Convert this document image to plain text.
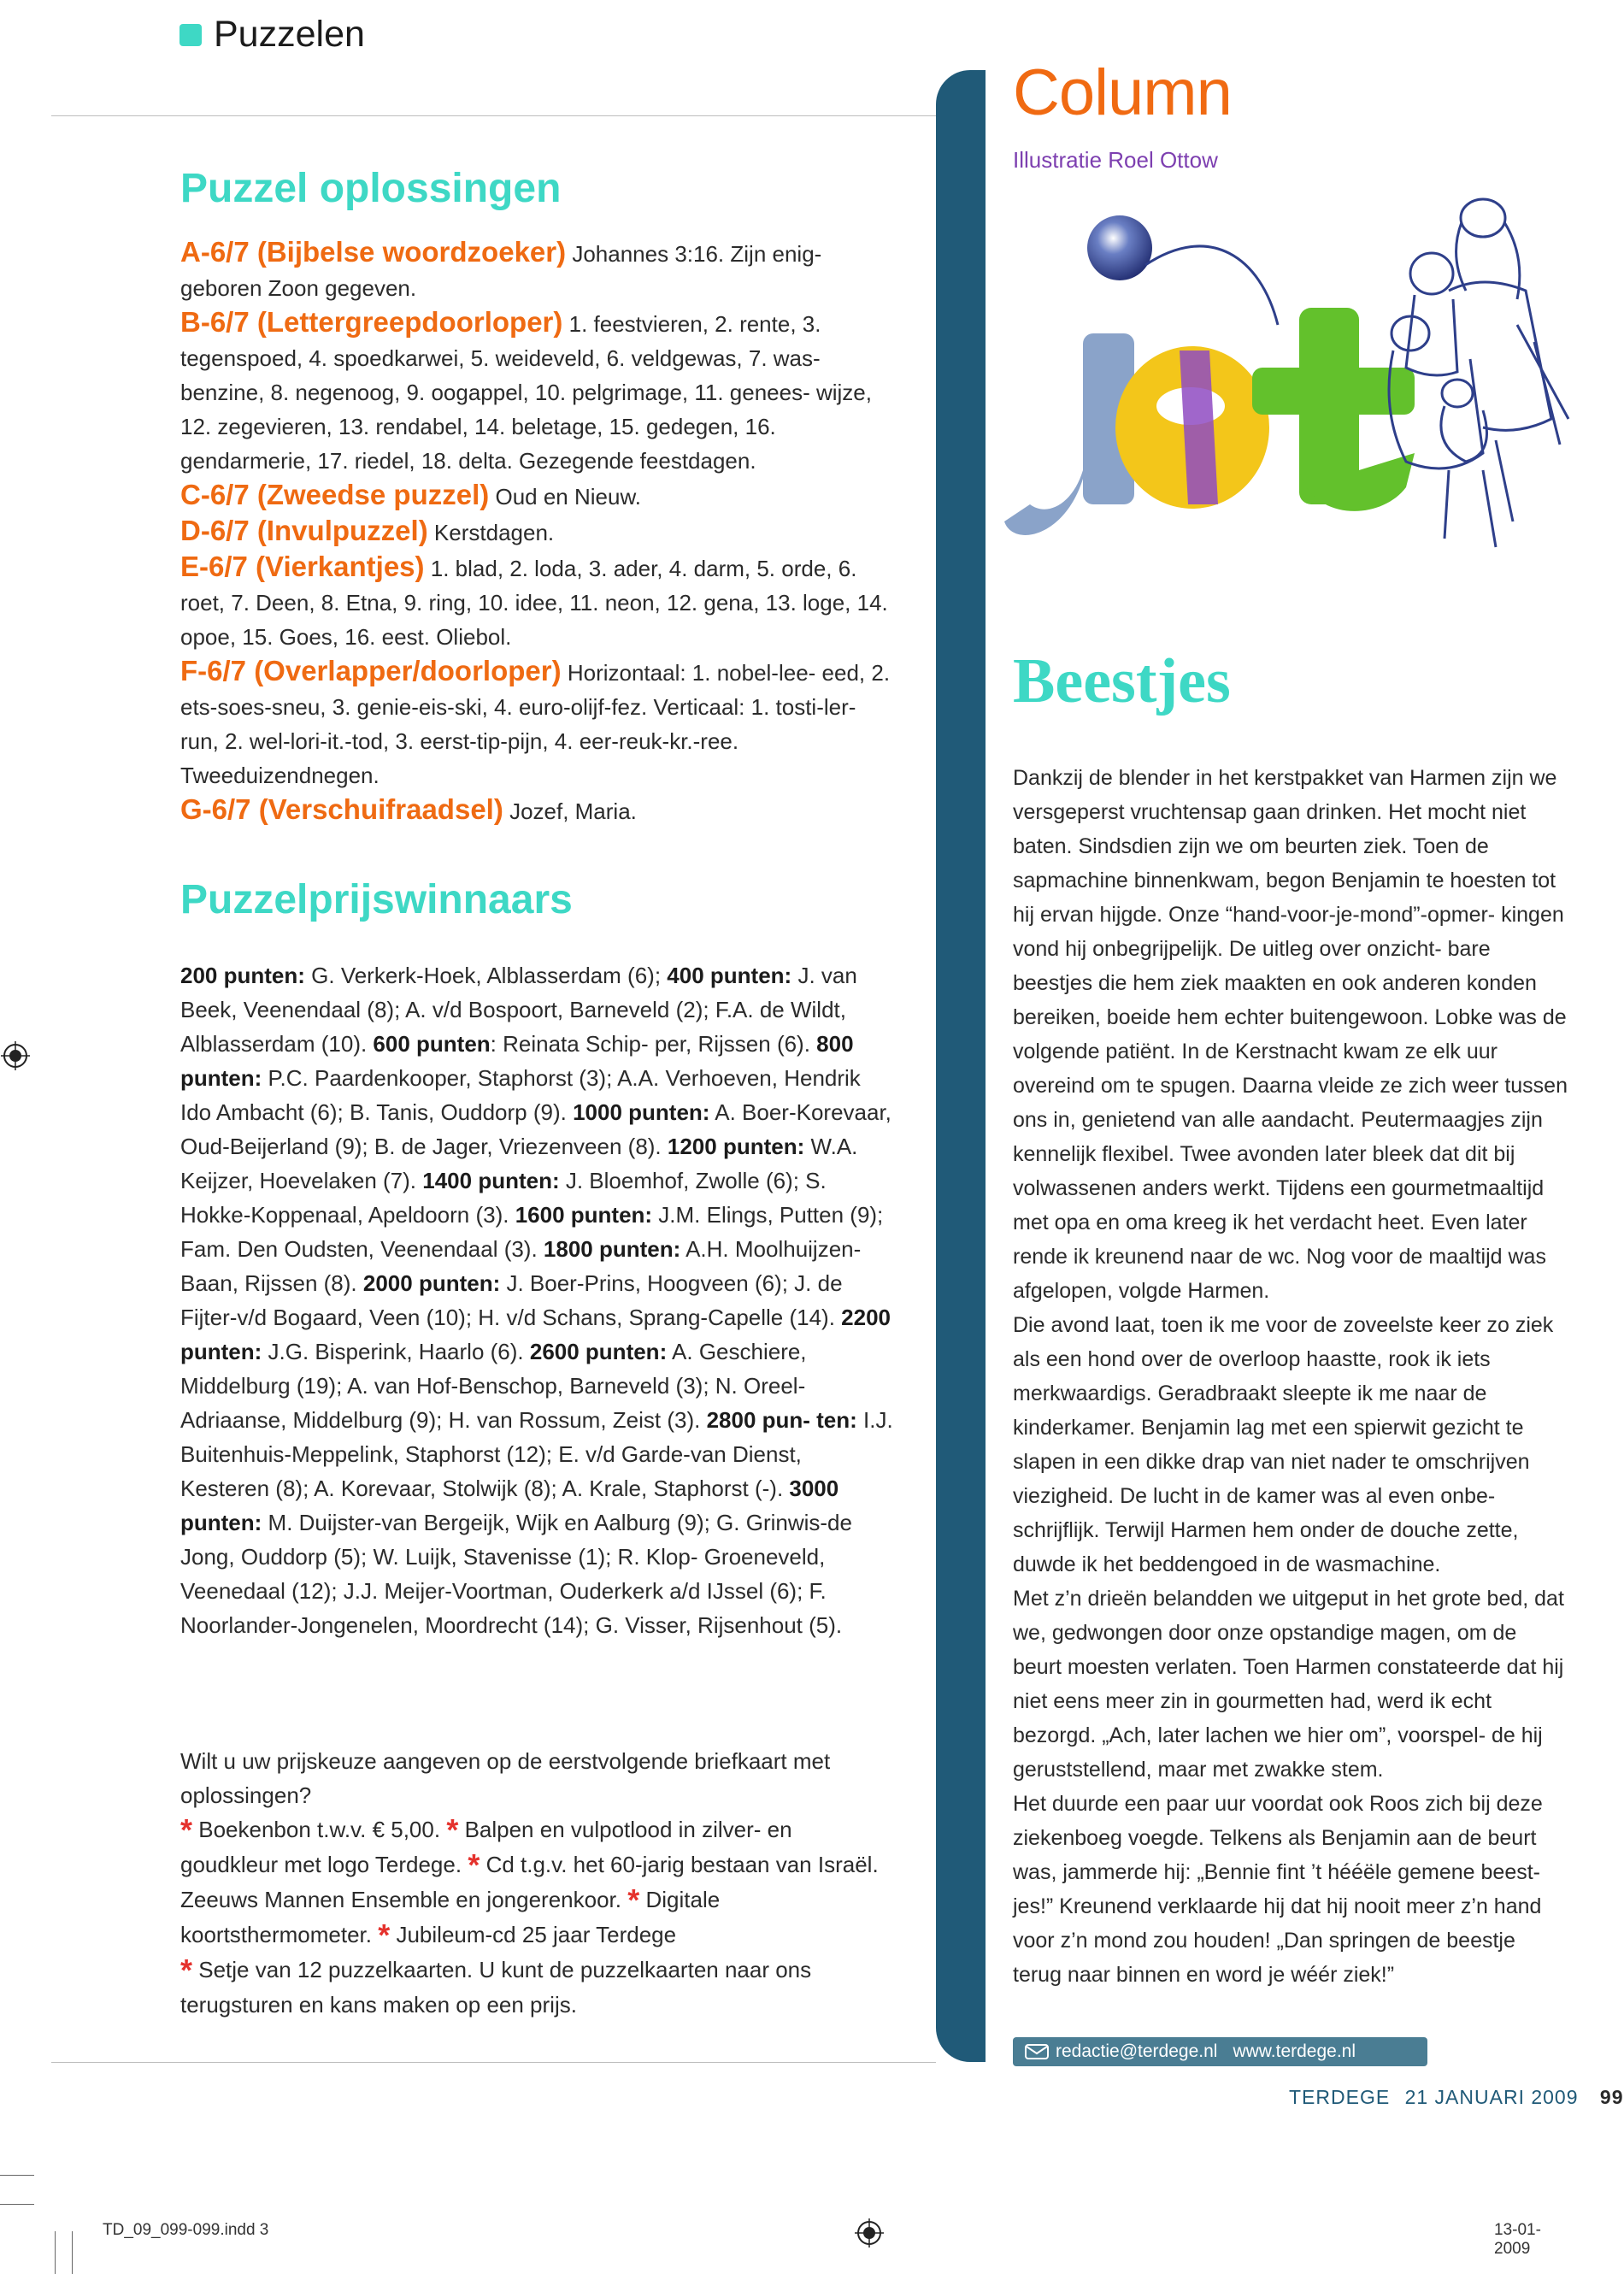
Puzzelen
Puzzel oplossingen

A-6/7 (Bijbelse woordzoeker) Johannes 3:16. Zijn enig- geboren Zoon gegeven.

B-6/7 (Lettergreepdoorloper) 1. feestvieren, 2. rente, 3. tegenspoed, 4. spoedkarwei, 5. weideveld, 6. veldgewas, 7. was- benzine, 8. negenoog, 9. oogappel, 10. pelgrimage, 11. genees- wijze, 12. zegevieren, 13. rendabel, 14. beletage, 15. gedegen, 16. gendarmerie, 17. riedel, 18. delta. Gezegende feestdagen.

C-6/7 (Zweedse puzzel) Oud en Nieuw.

D-6/7 (Invulpuzzel) Kerstdagen.

E-6/7 (Vierkantjes) 1. blad, 2. loda, 3. ader, 4. darm, 5. orde, 6. roet, 7. Deen, 8. Etna, 9. ring, 10. idee, 11. neon, 12. gena, 13. loge, 14. opoe, 15. Goes, 16. eest. Oliebol.

F-6/7 (Overlapper/doorloper) Horizontaal: 1. nobel-lee- eed, 2. ets-soes-sneu, 3. genie-eis-ski, 4. euro-olijf-fez. Verticaal: 1. tosti-ler-run, 2. wel-lori-it.-tod, 3. eerst-tip-pijn, 4. eer-reuk-kr.-ree. Tweeduizendnegen.

G-6/7 (Verschuifraadsel) Jozef, Maria.

Puzzelprijswinnaars

200 punten: G. Verkerk-Hoek, Alblasserdam (6); 400 punten: J. van Beek, Veenendaal (8); A. v/d Bospoort, Barneveld (2); F.A. de Wildt, Alblasserdam (10). 600 punten: Reinata Schip- per, Rijssen (6). 800 punten: P.C. Paardenkooper, Staphorst (3); A.A. Verhoeven, Hendrik Ido Ambacht (6); B. Tanis, Ouddorp (9). 1000 punten: A. Boer-Korevaar, Oud-Beijerland (9); B. de Jager, Vriezenveen (8). 1200 punten: W.A. Keijzer, Hoevelaken (7). 1400 punten: J. Bloemhof, Zwolle (6); S. Hokke-Koppenaal, Apeldoorn (3). 1600 punten: J.M. Elings, Putten (9); Fam. Den Oudsten, Veenendaal (3). 1800 punten: A.H. Moolhuijzen-Baan, Rijssen (8). 2000 punten: J. Boer-Prins, Hoogveen (6); J. de Fijter-v/d Bogaard, Veen (10); H. v/d Schans, Sprang-Capelle (14). 2200 punten: J.G. Bisperink, Haarlo (6). 2600 punten: A. Geschiere, Middelburg (19); A. van Hof-Benschop, Barneveld (3); N. Oreel- Adriaanse, Middelburg (9); H. van Rossum, Zeist (3). 2800 pun- ten: I.J. Buitenhuis-Meppelink, Staphorst (12); E. v/d Garde-van Dienst, Kesteren (8); A. Korevaar, Stolwijk (8); A. Krale, Staphorst (-). 3000 punten: M. Duijster-van Bergeijk, Wijk en Aalburg (9); G. Grinwis-de Jong, Ouddorp (5); W. Luijk, Stavenisse (1); R. Klop- Groeneveld, Veenedaal (12); J.J. Meijer-Voortman, Ouderkerk a/d IJssel (6); F. Noorlander-Jongenelen, Moordrecht (14); G. Visser, Rijsenhout (5).

Wilt u uw prijskeuze aangeven op de eerstvolgende briefkaart met oplossingen?

* Boekenbon t.w.v. € 5,00. * Balpen en vulpotlood in zilver- en goudkleur met logo Terdege. * Cd t.g.v. het 60-jarig bestaan van Israël. Zeeuws Mannen Ensemble en jongerenkoor. * Digitale koortsthermometer. * Jubileum-cd 25 jaar Terdege
* Setje van 12 puzzelkaarten. U kunt de puzzelkaarten naar ons terugsturen en kans maken op een prijs.

Column
Illustratie Roel Ottow
Beestjes

Dankzij de blender in het kerstpakket van Harmen zijn we versgeperst vruchtensap gaan drinken. Het mocht niet baten. Sindsdien zijn we om beurten ziek. Toen de sapmachine binnenkwam, begon Benjamin te hoesten tot hij ervan hijgde. Onze “hand-voor-je-mond”-opmer- kingen vond hij onbegrijpelijk. De uitleg over onzicht- bare beestjes die hem ziek maakten en ook anderen konden bereiken, boeide hem echter buitengewoon. Lobke was de volgende patiënt. In de Kerstnacht kwam ze elk uur overeind om te spugen. Daarna vleide ze zich weer tussen ons in, genietend van alle aandacht. Peutermaagjes zijn kennelijk flexibel. Twee avonden later bleek dat dit bij volwassenen anders werkt. Tijdens een gourmetmaaltijd met opa en oma kreeg ik het verdacht heet. Even later rende ik kreunend naar de wc. Nog voor de maaltijd was afgelopen, volgde Harmen.

Die avond laat, toen ik me voor de zoveelste keer zo ziek als een hond over de overloop haastte, rook ik iets merkwaardigs. Geradbraakt sleepte ik me naar de kinderkamer. Benjamin lag met een spierwit gezicht te slapen in een dikke drap van niet nader te omschrijven viezigheid. De lucht in de kamer was al even onbe- schrijflijk. Terwijl Harmen hem onder de douche zette, duwde ik het beddengoed in de wasmachine.

Met z’n drieën belandden we uitgeput in het grote bed, dat we, gedwongen door onze opstandige magen, om de beurt moesten verlaten. Toen Harmen constateerde dat hij niet eens meer zin in gourmetten had, werd ik echt bezorgd. „Ach, later lachen we hier om”, voorspel- de hij geruststellend, maar met zwakke stem.

Het duurde een paar uur voordat ook Roos zich bij deze ziekenboeg voegde. Telkens als Benjamin aan de beurt was, jammerde hij: „Bennie fint ’t hééële gemene beest- jes!” Kreunend verklaarde hij dat hij nooit meer z’n hand voor z’n mond zou houden! „Dan springen de beestje terug naar binnen en word je wéér ziek!”

redactie@terdege.nl www.terdege.nl
TERDEGE 21 JANUARI 2009 99
TD_09_099-099.indd 3	13-01-2009
